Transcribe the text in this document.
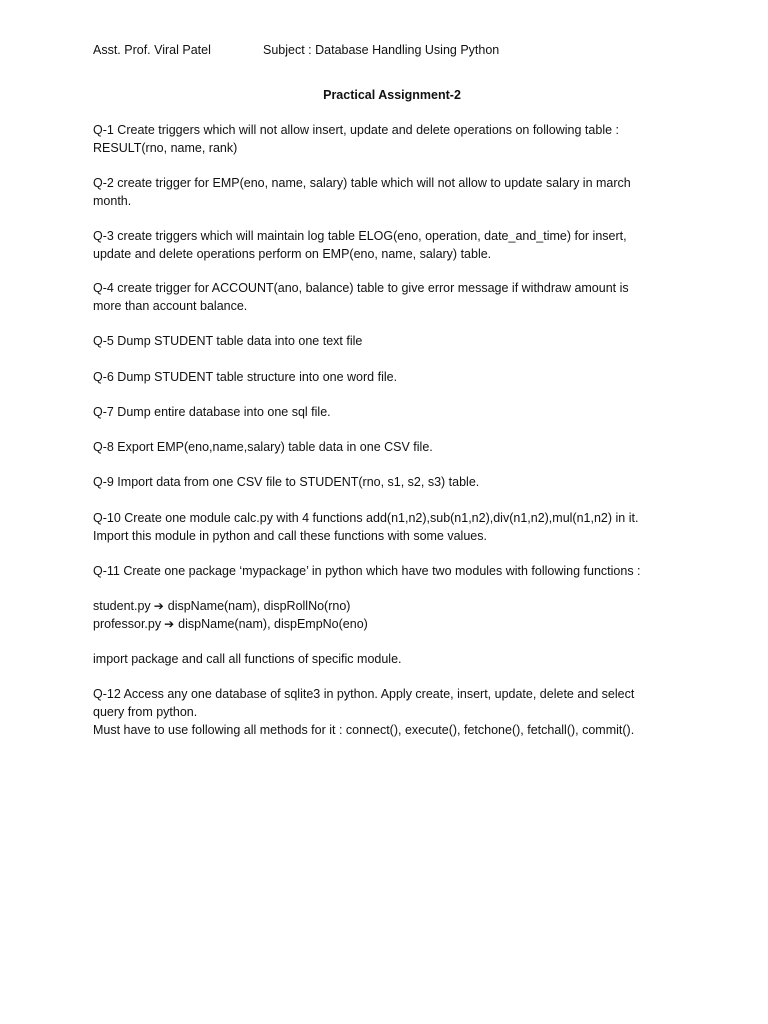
Asst. Prof. Viral Patel	Subject : Database Handling Using Python
Practical Assignment-2
Q-1 Create triggers which will not allow insert, update and delete operations on following table :
RESULT(rno, name, rank)
Q-2 create trigger for EMP(eno, name, salary) table which will not allow to update salary in march
month.
Q-3 create triggers which will maintain log table ELOG(eno, operation, date_and_time) for insert,
update and delete operations perform on EMP(eno, name, salary) table.
Q-4 create trigger for ACCOUNT(ano, balance) table to give error message if withdraw amount is
more than account balance.
Q-5 Dump STUDENT table data into one text file
Q-6 Dump STUDENT table structure into one word file.
Q-7 Dump entire database into one sql file.
Q-8 Export EMP(eno,name,salary) table data in one CSV file.
Q-9 Import data from one CSV file to STUDENT(rno, s1, s2, s3) table.
Q-10 Create one module calc.py with 4 functions add(n1,n2),sub(n1,n2),div(n1,n2),mul(n1,n2) in it.
Import this module in python and call these functions with some values.
Q-11 Create one package ‘mypackage’ in python which have two modules with following functions :
student.py ➔ dispName(nam), dispRollNo(rno)
professor.py ➔ dispName(nam), dispEmpNo(eno)
import package and call all functions of specific module.
Q-12 Access any one database of sqlite3 in python. Apply create, insert, update, delete and select
query from python.
Must have to use following all methods for it : connect(), execute(), fetchone(), fetchall(), commit().
